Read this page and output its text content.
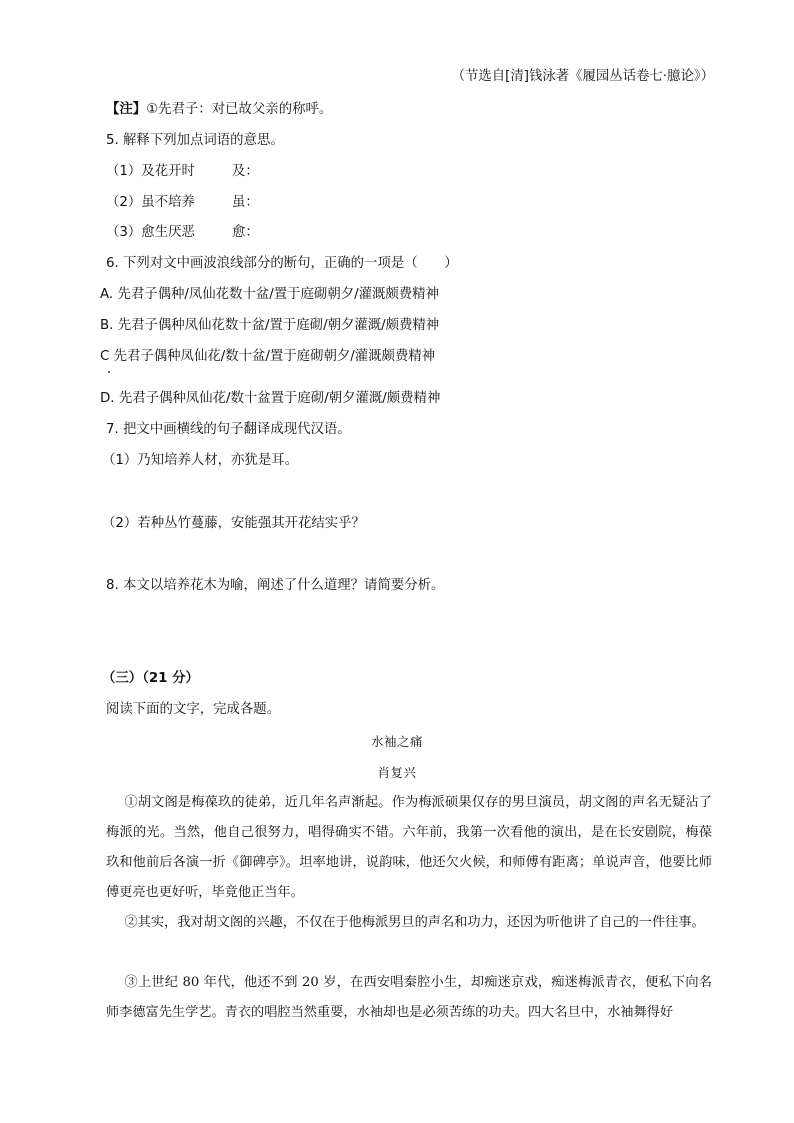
（节选自[清]钱泳著《履园丛话卷七·臆论》）
【注】①先君子：对已故父亲的称呼。
5. 解释下列加点词语的意思。
（1）及花开时	及：
（2）虽不培养	虽：
（3）愈生厌恶	愈：
6. 下列对文中画波浪线部分的断句，正确的一项是（　　）
A. 先君子偶种/凤仙花数十盆/置于庭砌朝夕/灌溉颇费精神
B. 先君子偶种凤仙花数十盆/置于庭砌/朝夕灌溉/颇费精神
C 先君子偶种凤仙花/数十盆/置于庭砌朝夕/灌溉颇费精神
D. 先君子偶种凤仙花/数十盆置于庭砌/朝夕灌溉/颇费精神
7. 把文中画横线的句子翻译成现代汉语。
（1）乃知培养人材，亦犹是耳。
（2）若种丛竹蔓藤，安能强其开花结实乎？
8. 本文以培养花木为喻，阐述了什么道理？请简要分析。
（三）（21 分）
阅读下面的文字，完成各题。
水袖之痛
肖复兴

①胡文阁是梅葆玖的徒弟，近几年名声渐起。作为梅派硕果仅存的男旦演员，胡文阁的声名无疑沾了梅派的光。当然，他自己很努力，唱得确实不错。六年前，我第一次看他的演出，是在长安剧院，梅葆玖和他前后各演一折《御碑亭》。坦率地讲，说韵味，他还欠火候，和师傅有距离；单说声音，他要比师傅更亮也更好听，毕竟他正当年。

②其实，我对胡文阁的兴趣，不仅在于他梅派男旦的声名和功力，还因为听他讲了自己的一件往事。

③上世纪 80 年代，他还不到 20 岁，在西安唱秦腔小生，却痴迷京戏，痴迷梅派青衣，便私下向名师李德富先生学艺。青衣的唱腔当然重要，水袖却也是必须苦练的功夫。四大名旦中，水袖舞得好
